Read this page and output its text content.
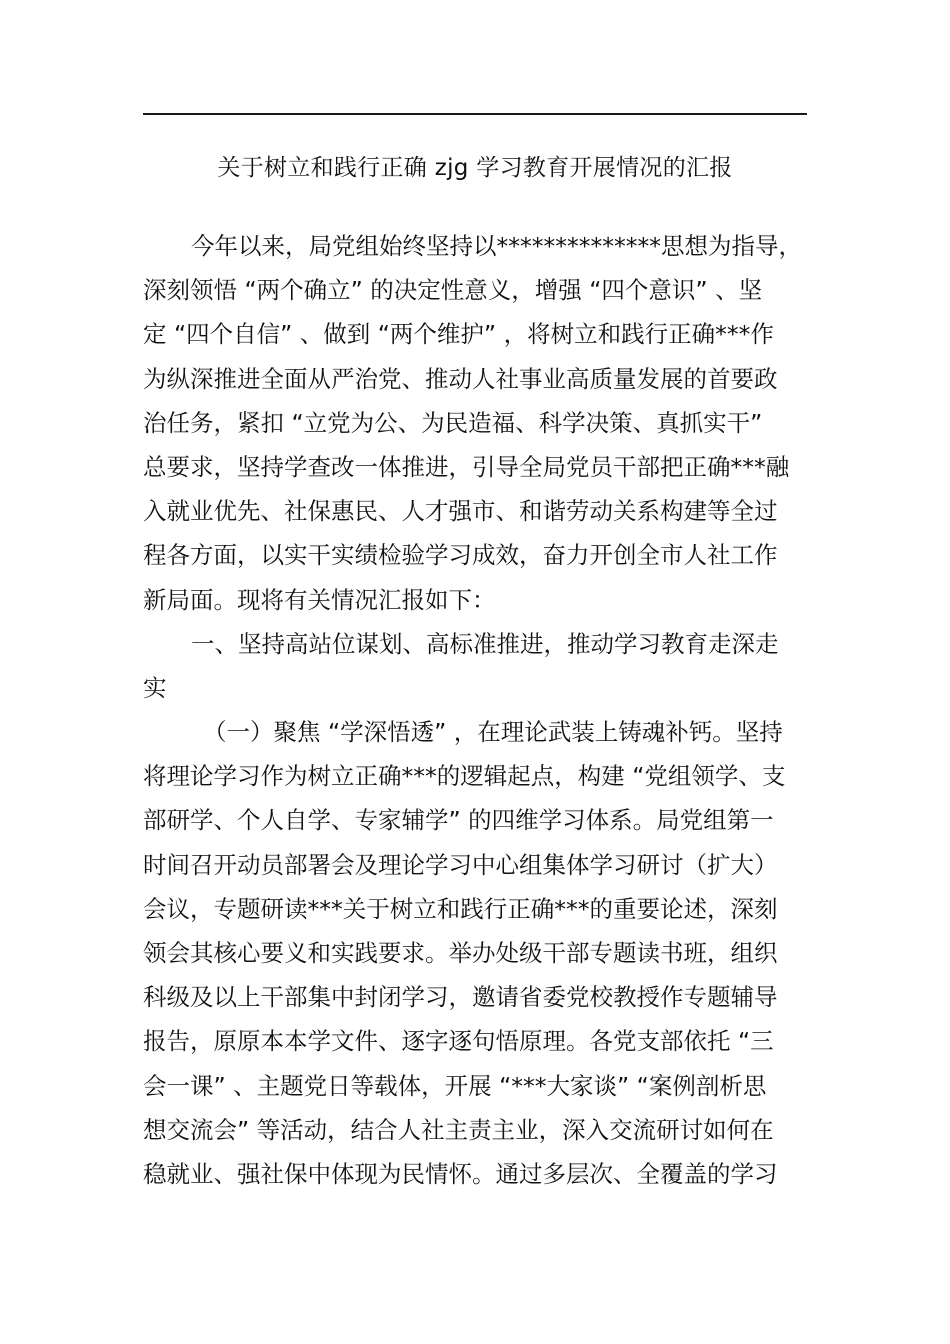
关于树立和践行正确 zjg 学习教育开展情况的汇报
今年以来，局党组始终坚持以**************思想为指导，
深刻领悟 “两个确立” 的决定性意义，增强 “四个意识” 、坚
定 “四个自信” 、做到 “两个维护” ，将树立和践行正确***作
为纵深推进全面从严治党、推动人社事业高质量发展的首要政
治任务，紧扣 “立党为公、为民造福、科学决策、真抓实干”
总要求，坚持学查改一体推进，引导全局党员干部把正确***融
入就业优先、社保惠民、人才强市、和谐劳动关系构建等全过
程各方面，以实干实绩检验学习成效，奋力开创全市人社工作
新局面。现将有关情况汇报如下：
一、坚持高站位谋划、高标准推进，推动学习教育走深走
实
（一）聚焦 “学深悟透” ，在理论武装上铸魂补钙。坚持
将理论学习作为树立正确***的逻辑起点，构建 “党组领学、支
部研学、个人自学、专家辅学” 的四维学习体系。局党组第一
时间召开动员部署会及理论学习中心组集体学习研讨（扩大）
会议，专题研读***关于树立和践行正确***的重要论述，深刻
领会其核心要义和实践要求。举办处级干部专题读书班，组织
科级及以上干部集中封闭学习，邀请省委党校教授作专题辅导
报告，原原本本学文件、逐字逐句悟原理。各党支部依托 “三
会一课” 、主题党日等载体，开展 “***大家谈” “案例剖析思
想交流会” 等活动，结合人社主责主业，深入交流研讨如何在
稳就业、强社保中体现为民情怀。通过多层次、全覆盖的学习
